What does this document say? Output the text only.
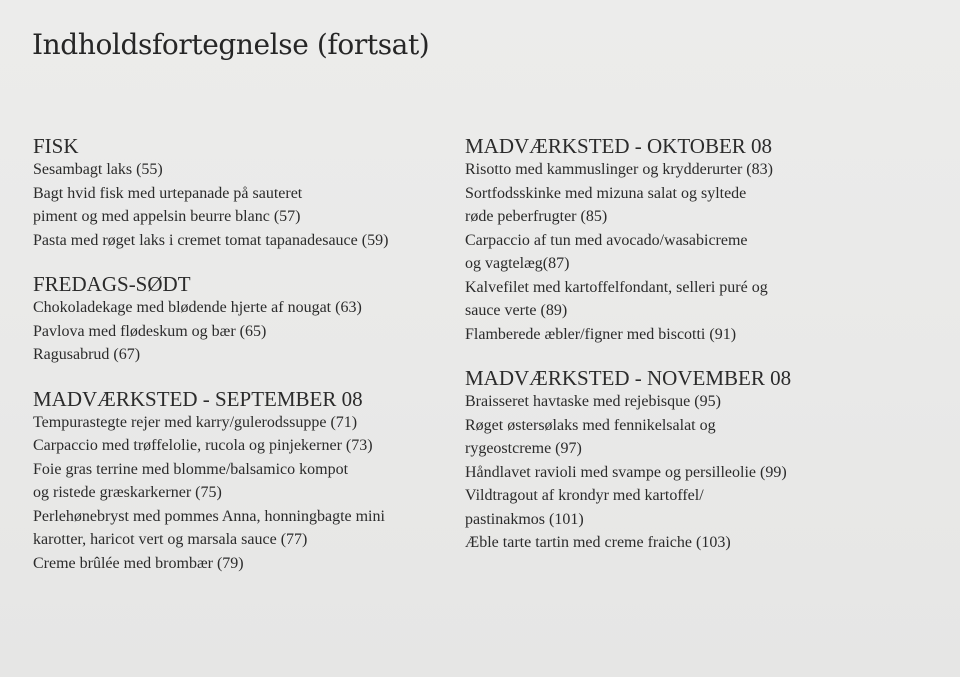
Indholdsfortegnelse (fortsat)
FISK
Sesambagt laks (55)
Bagt hvid fisk med urtepanade på sauteret
piment og med appelsin beurre blanc (57)
Pasta med røget laks i cremet tomat tapanadesauce (59)
FREDAGS-SØDT
Chokoladekage med blødende hjerte af nougat (63)
Pavlova med flødeskum og bær (65)
Ragusabrud (67)
MADVÆRKSTED - SEPTEMBER 08
Tempurastegte rejer med karry/gulerodssuppe (71)
Carpaccio med trøffelolie, rucola og pinjekerner (73)
Foie gras terrine med blomme/balsamico kompot
og ristede græskarkerner (75)
Perlehønebryst med pommes Anna, honningbagte mini
karotter, haricot vert og marsala sauce (77)
Creme brûlée med brombær (79)
MADVÆRKSTED - OKTOBER 08
Risotto med kammuslinger og krydderurter (83)
Sortfodsskinke med mizuna salat og syltede
røde peberfrugter (85)
Carpaccio af tun med avocado/wasabicreme
og vagtelæg(87)
Kalvefilet med kartoffelfondant, selleri puré og
sauce verte (89)
Flamberede æbler/figner med biscotti (91)
MADVÆRKSTED - NOVEMBER 08
Braisseret havtaske med rejebisque (95)
Røget østersølaks med fennikelsalat og
rygeostcreme (97)
Håndlavet ravioli med svampe og persilleolie (99)
Vildtragout af krondyr med kartoffel/
pastinakmos (101)
Æble tarte tartin med creme fraiche (103)
